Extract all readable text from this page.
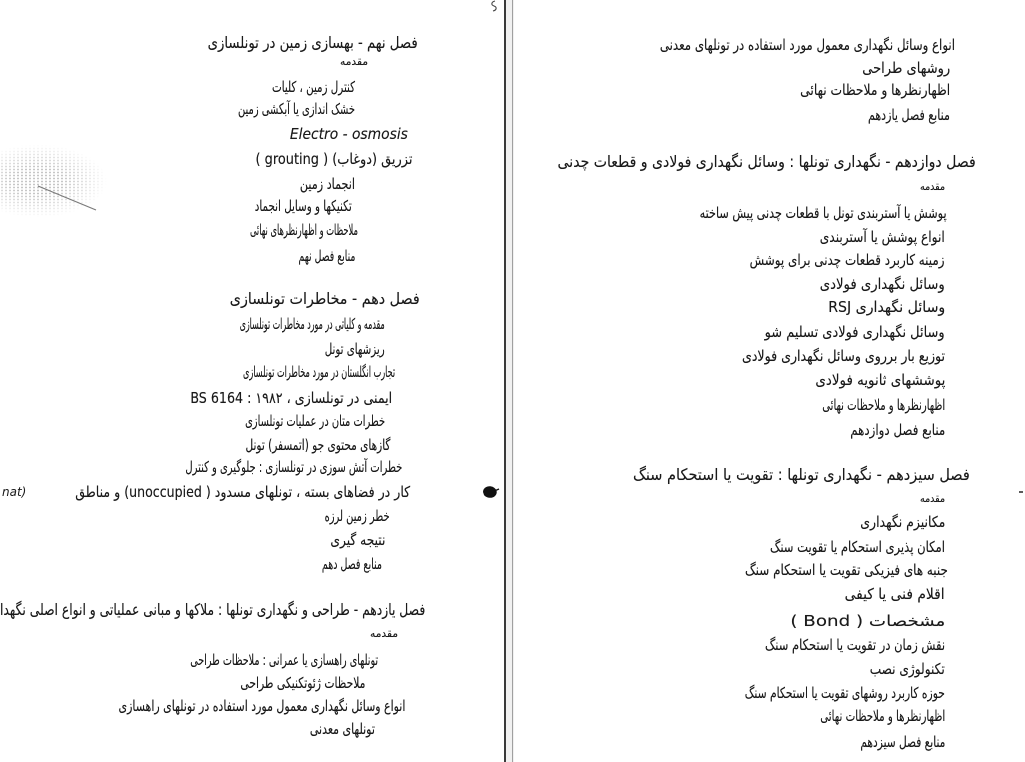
فصل نهم - بهسازی زمین در تونلسازی
مقدمه
کنترل زمین ، کلیات
خشک اندازی یا آبکشی زمین
Electro - osmosis
تزریق (دوغاب) ( grouting )
انجماد زمین
تکنیکها و وسایل انجماد
ملاحظات و اظهارنظرهای نهائی
منابع فصل نهم
فصل دهم - مخاطرات تونلسازی
مقدمه و کلیاتی در مورد مخاطرات تونلسازی
ریزشهای تونل
تجارب انگلستان در مورد مخاطرات تونلسازی
ایمنی در تونلسازی ، BS 6164 : ۱۹۸۲
خطرات متان در عملیات تونلسازی
گازهای محتوی جو (اتمسفر) تونل
خطرات آتش سوزی در تونلسازی : جلوگیری و کنترل
کار در فضاهای بسته ، تونلهای مسدود ( unoccupied) و مناطق
خطر زمین لرزه
نتیجه گیری
منابع فصل دهم
nat)
فصل یازدهم - طراحی و نگهداری تونلها : ملاکها و مبانی عملیاتی و انواع اصلی نگهدا
مقدمه
تونلهای راهسازی یا عمرانی : ملاحظات طراحی
ملاحظات ژئوتکنیکی طراحی
انواع وسائل نگهداری معمول مورد استفاده در تونلهای راهسازی
تونلهای معدنی
انواع وسائل نگهداری معمول مورد استفاده در تونلهای معدنی
روشهای طراحی
اظهارنظرها و ملاحظات نهائی
منابع فصل یازدهم
فصل دوازدهم - نگهداری تونلها : وسائل نگهداری فولادی و قطعات چدنی
مقدمه
پوشش یا آستربندی تونل با قطعات چدنی پیش ساخته
انواع پوشش یا آستربندی
زمینه کاربرد قطعات چدنی برای پوشش
وسائل نگهداری فولادی
وسائل نگهداری RSJ
وسائل نگهداری فولادی تسلیم شو
توزیع بار برروی وسائل نگهداری فولادی
پوششهای ثانویه فولادی
اظهارنظرها و ملاحظات نهائی
منابع فصل دوازدهم
فصل سیزدهم - نگهداری تونلها : تقویت یا استحکام سنگ
مقدمه
مکانیزم نگهداری
امکان پذیری استحکام یا تقویت سنگ
جنبه های فیزیکی تقویت یا استحکام سنگ
اقلام فنی یا کیفی
مشخصات ( Bond )
نقش زمان در تقویت یا استحکام سنگ
تکنولوژی نصب
حوزه کاربرد روشهای تقویت یا استحکام سنگ
اظهارنظرها و ملاحظات نهائی
منابع فصل سیزدهم
